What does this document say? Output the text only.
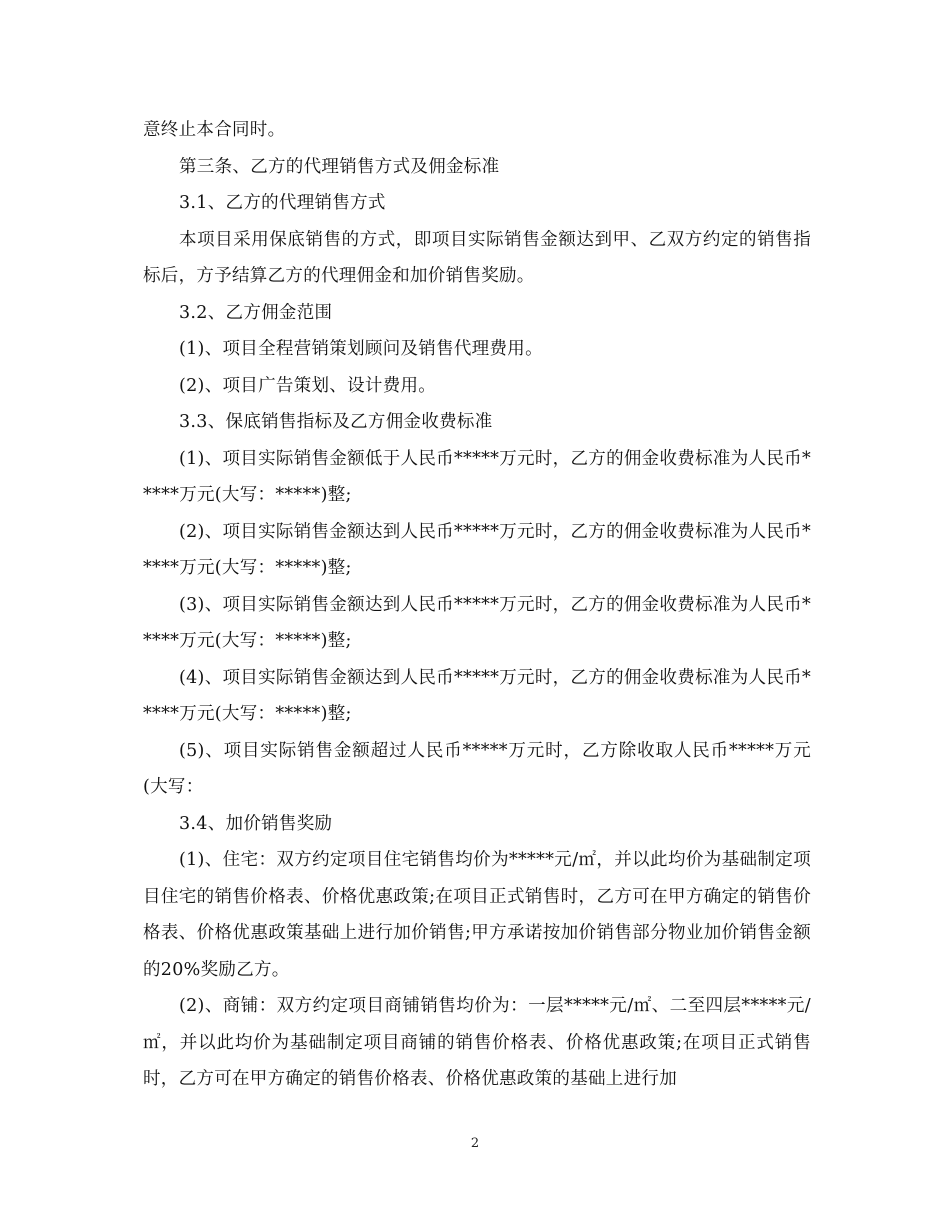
意终止本合同时。

第三条、乙方的代理销售方式及佣金标准

3.1、乙方的代理销售方式

本项目采用保底销售的方式，即项目实际销售金额达到甲、乙双方约定的销售指标后，方予结算乙方的代理佣金和加价销售奖励。

3.2、乙方佣金范围

(1)、项目全程营销策划顾问及销售代理费用。

(2)、项目广告策划、设计费用。

3.3、保底销售指标及乙方佣金收费标准

(1)、项目实际销售金额低于人民币*****万元时，乙方的佣金收费标准为人民币*****万元(大写：*****)整;

(2)、项目实际销售金额达到人民币*****万元时，乙方的佣金收费标准为人民币*****万元(大写：*****)整;

(3)、项目实际销售金额达到人民币*****万元时，乙方的佣金收费标准为人民币*****万元(大写：*****)整;

(4)、项目实际销售金额达到人民币*****万元时，乙方的佣金收费标准为人民币*****万元(大写：*****)整;

(5)、项目实际销售金额超过人民币*****万元时，乙方除收取人民币*****万元(大写：

3.4、加价销售奖励

(1)、住宅：双方约定项目住宅销售均价为*****元/㎡，并以此均价为基础制定项目住宅的销售价格表、价格优惠政策;在项目正式销售时，乙方可在甲方确定的销售价格表、价格优惠政策基础上进行加价销售;甲方承诺按加价销售部分物业加价销售金额的20%奖励乙方。

(2)、商铺：双方约定项目商铺销售均价为：一层*****元/㎡、二至四层*****元/㎡，并以此均价为基础制定项目商铺的销售价格表、价格优惠政策;在项目正式销售时，乙方可在甲方确定的销售价格表、价格优惠政策的基础上进行加

2
